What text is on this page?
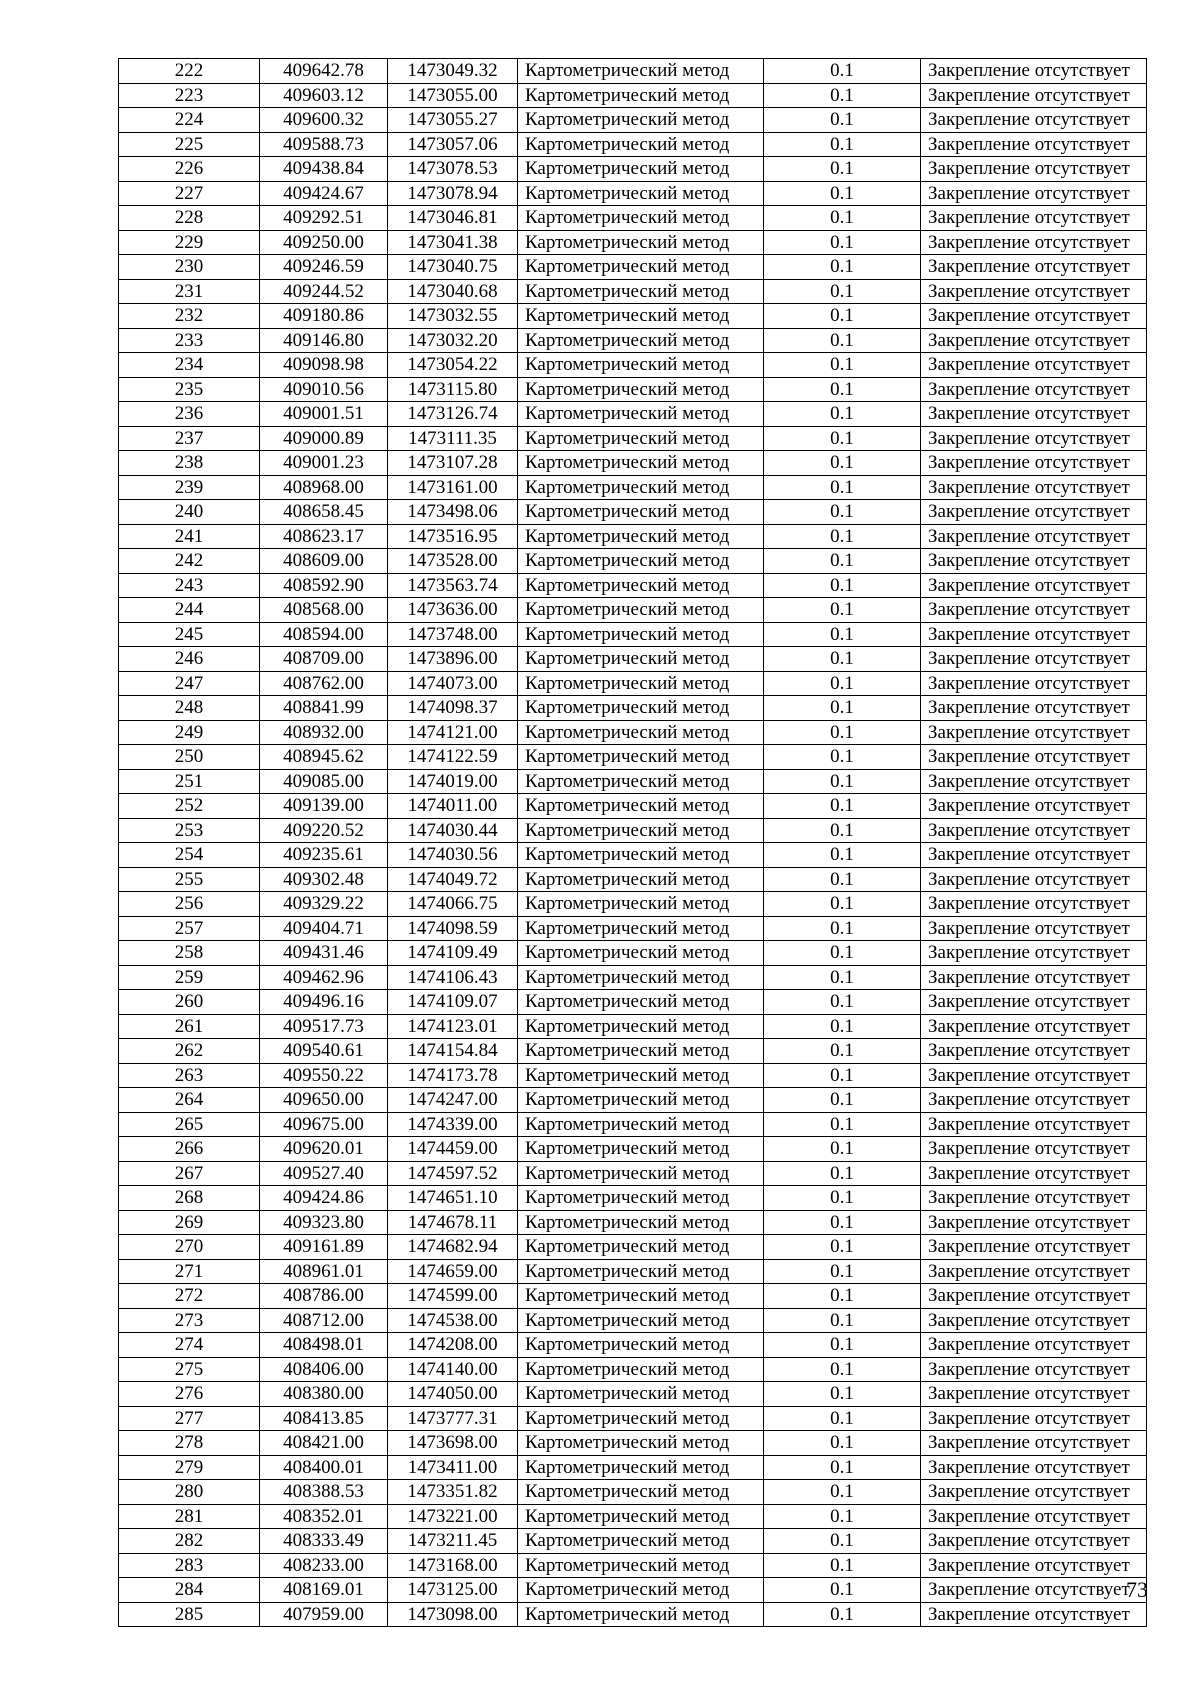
222	409642.78	1473049.32	Картометрический метод	0.1	Закрепление отсутствует
223	409603.12	1473055.00	Картометрический метод	0.1	Закрепление отсутствует
224	409600.32	1473055.27	Картометрический метод	0.1	Закрепление отсутствует
225	409588.73	1473057.06	Картометрический метод	0.1	Закрепление отсутствует
226	409438.84	1473078.53	Картометрический метод	0.1	Закрепление отсутствует
227	409424.67	1473078.94	Картометрический метод	0.1	Закрепление отсутствует
228	409292.51	1473046.81	Картометрический метод	0.1	Закрепление отсутствует
229	409250.00	1473041.38	Картометрический метод	0.1	Закрепление отсутствует
230	409246.59	1473040.75	Картометрический метод	0.1	Закрепление отсутствует
231	409244.52	1473040.68	Картометрический метод	0.1	Закрепление отсутствует
232	409180.86	1473032.55	Картометрический метод	0.1	Закрепление отсутствует
233	409146.80	1473032.20	Картометрический метод	0.1	Закрепление отсутствует
234	409098.98	1473054.22	Картометрический метод	0.1	Закрепление отсутствует
235	409010.56	1473115.80	Картометрический метод	0.1	Закрепление отсутствует
236	409001.51	1473126.74	Картометрический метод	0.1	Закрепление отсутствует
237	409000.89	1473111.35	Картометрический метод	0.1	Закрепление отсутствует
238	409001.23	1473107.28	Картометрический метод	0.1	Закрепление отсутствует
239	408968.00	1473161.00	Картометрический метод	0.1	Закрепление отсутствует
240	408658.45	1473498.06	Картометрический метод	0.1	Закрепление отсутствует
241	408623.17	1473516.95	Картометрический метод	0.1	Закрепление отсутствует
242	408609.00	1473528.00	Картометрический метод	0.1	Закрепление отсутствует
243	408592.90	1473563.74	Картометрический метод	0.1	Закрепление отсутствует
244	408568.00	1473636.00	Картометрический метод	0.1	Закрепление отсутствует
245	408594.00	1473748.00	Картометрический метод	0.1	Закрепление отсутствует
246	408709.00	1473896.00	Картометрический метод	0.1	Закрепление отсутствует
247	408762.00	1474073.00	Картометрический метод	0.1	Закрепление отсутствует
248	408841.99	1474098.37	Картометрический метод	0.1	Закрепление отсутствует
249	408932.00	1474121.00	Картометрический метод	0.1	Закрепление отсутствует
250	408945.62	1474122.59	Картометрический метод	0.1	Закрепление отсутствует
251	409085.00	1474019.00	Картометрический метод	0.1	Закрепление отсутствует
252	409139.00	1474011.00	Картометрический метод	0.1	Закрепление отсутствует
253	409220.52	1474030.44	Картометрический метод	0.1	Закрепление отсутствует
254	409235.61	1474030.56	Картометрический метод	0.1	Закрепление отсутствует
255	409302.48	1474049.72	Картометрический метод	0.1	Закрепление отсутствует
256	409329.22	1474066.75	Картометрический метод	0.1	Закрепление отсутствует
257	409404.71	1474098.59	Картометрический метод	0.1	Закрепление отсутствует
258	409431.46	1474109.49	Картометрический метод	0.1	Закрепление отсутствует
259	409462.96	1474106.43	Картометрический метод	0.1	Закрепление отсутствует
260	409496.16	1474109.07	Картометрический метод	0.1	Закрепление отсутствует
261	409517.73	1474123.01	Картометрический метод	0.1	Закрепление отсутствует
262	409540.61	1474154.84	Картометрический метод	0.1	Закрепление отсутствует
263	409550.22	1474173.78	Картометрический метод	0.1	Закрепление отсутствует
264	409650.00	1474247.00	Картометрический метод	0.1	Закрепление отсутствует
265	409675.00	1474339.00	Картометрический метод	0.1	Закрепление отсутствует
266	409620.01	1474459.00	Картометрический метод	0.1	Закрепление отсутствует
267	409527.40	1474597.52	Картометрический метод	0.1	Закрепление отсутствует
268	409424.86	1474651.10	Картометрический метод	0.1	Закрепление отсутствует
269	409323.80	1474678.11	Картометрический метод	0.1	Закрепление отсутствует
270	409161.89	1474682.94	Картометрический метод	0.1	Закрепление отсутствует
271	408961.01	1474659.00	Картометрический метод	0.1	Закрепление отсутствует
272	408786.00	1474599.00	Картометрический метод	0.1	Закрепление отсутствует
273	408712.00	1474538.00	Картометрический метод	0.1	Закрепление отсутствует
274	408498.01	1474208.00	Картометрический метод	0.1	Закрепление отсутствует
275	408406.00	1474140.00	Картометрический метод	0.1	Закрепление отсутствует
276	408380.00	1474050.00	Картометрический метод	0.1	Закрепление отсутствует
277	408413.85	1473777.31	Картометрический метод	0.1	Закрепление отсутствует
278	408421.00	1473698.00	Картометрический метод	0.1	Закрепление отсутствует
279	408400.01	1473411.00	Картометрический метод	0.1	Закрепление отсутствует
280	408388.53	1473351.82	Картометрический метод	0.1	Закрепление отсутствует
281	408352.01	1473221.00	Картометрический метод	0.1	Закрепление отсутствует
282	408333.49	1473211.45	Картометрический метод	0.1	Закрепление отсутствует
283	408233.00	1473168.00	Картометрический метод	0.1	Закрепление отсутствует
284	408169.01	1473125.00	Картометрический метод	0.1	Закрепление отсутствует
285	407959.00	1473098.00	Картометрический метод	0.1	Закрепление отсутствует
73
